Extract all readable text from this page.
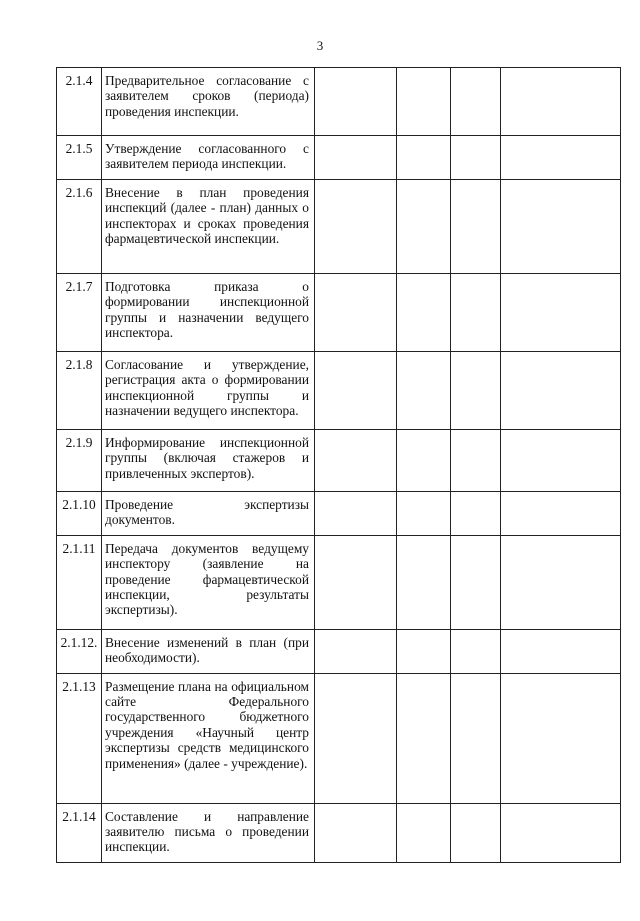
3
2.1.4	Предварительное согласование с заявителем сроков (периода) проведения инспекции.				
2.1.5	Утверждение согласованного с заявителем периода инспекции.				
2.1.6	Внесение в план проведения инспекций (далее - план) данных о инспекторах и сроках проведения фармацевтической инспекции.				
2.1.7	Подготовка приказа о формировании инспекционной группы и назначении ведущего инспектора.				
2.1.8	Согласование и утверждение, регистрация акта о формировании инспекционной группы и назначении ведущего инспектора.				
2.1.9	Информирование инспекционной группы (включая стажеров и привлеченных экспертов).				
2.1.10	Проведение экспертизы документов.				
2.1.11	Передача документов ведущему инспектору (заявление на проведение фармацевтической инспекции, результаты экспертизы).				
2.1.12.	Внесение изменений в план (при необходимости).				
2.1.13	Размещение плана на официальном сайте Федерального государственного бюджетного учреждения «Научный центр экспертизы средств медицинского применения» (далее - учреждение).				
2.1.14	Составление и направление заявителю письма о проведении инспекции.				
